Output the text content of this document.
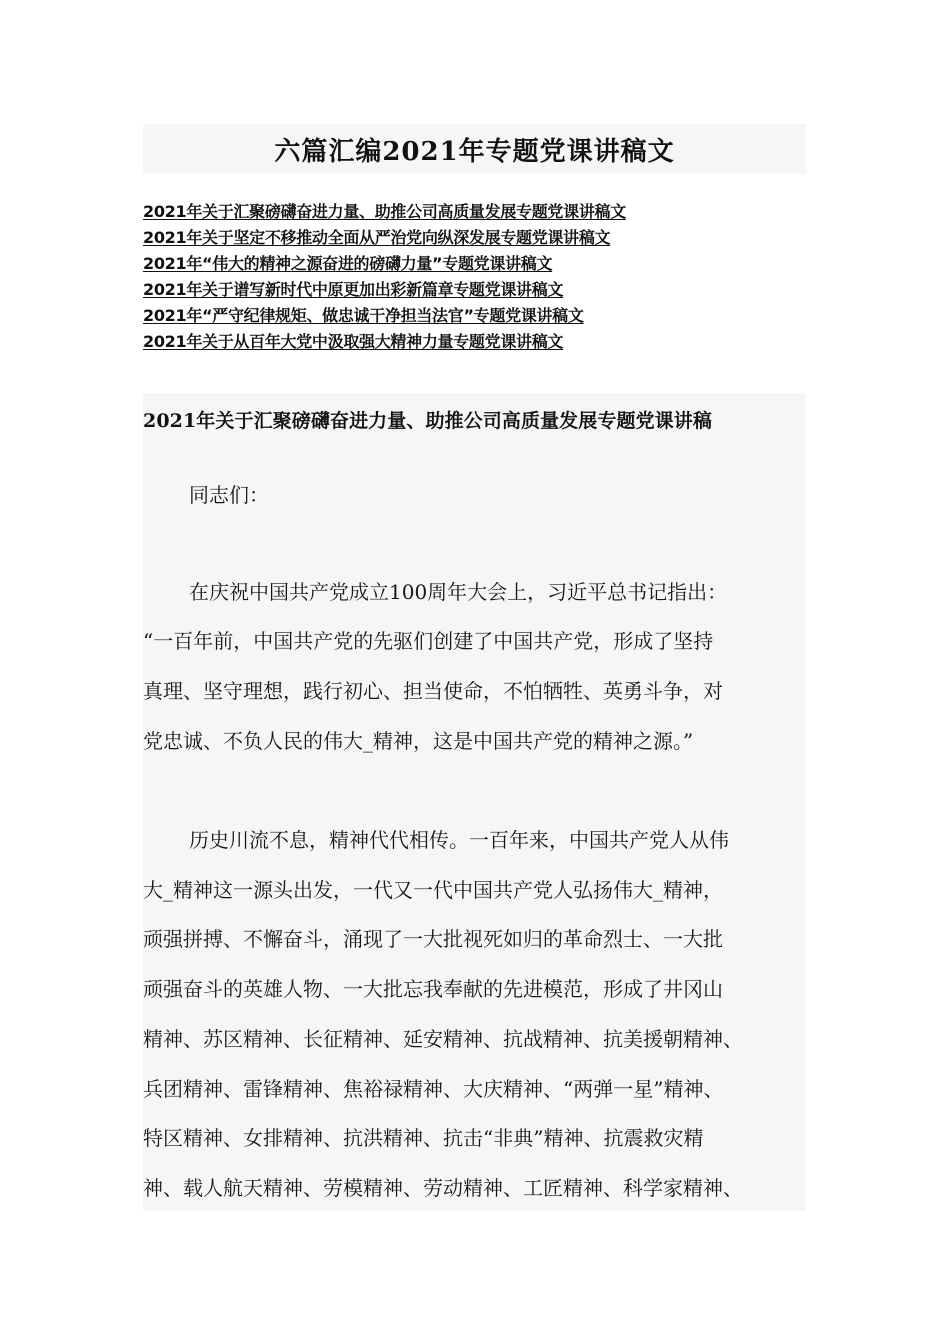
六篇汇编2021年专题党课讲稿文
2021年关于汇聚磅礴奋进力量、助推公司高质量发展专题党课讲稿文
2021年关于坚定不移推动全面从严治党向纵深发展专题党课讲稿文
2021年“伟大的精神之源奋进的磅礴力量”专题党课讲稿文
2021年关于谱写新时代中原更加出彩新篇章专题党课讲稿文
2021年“严守纪律规矩、做忠诚干净担当法官”专题党课讲稿文
2021年关于从百年大党中汲取强大精神力量专题党课讲稿文
2021年关于汇聚磅礴奋进力量、助推公司高质量发展专题党课讲稿
同志们：
在庆祝中国共产党成立100周年大会上，习近平总书记指出：
“一百年前，中国共产党的先驱们创建了中国共产党，形成了坚持
真理、坚守理想，践行初心、担当使命，不怕牺牲、英勇斗争，对
党忠诚、不负人民的伟大_精神，这是中国共产党的精神之源。”
历史川流不息，精神代代相传。一百年来，中国共产党人从伟
大_精神这一源头出发，一代又一代中国共产党人弘扬伟大_精神，
顽强拼搏、不懈奋斗，涌现了一大批视死如归的革命烈士、一大批
顽强奋斗的英雄人物、一大批忘我奉献的先进模范，形成了井冈山
精神、苏区精神、长征精神、延安精神、抗战精神、抗美援朝精神、
兵团精神、雷锋精神、焦裕禄精神、大庆精神、“两弹一星”精神、
特区精神、女排精神、抗洪精神、抗击“非典”精神、抗震救灾精
神、载人航天精神、劳模精神、劳动精神、工匠精神、科学家精神、
